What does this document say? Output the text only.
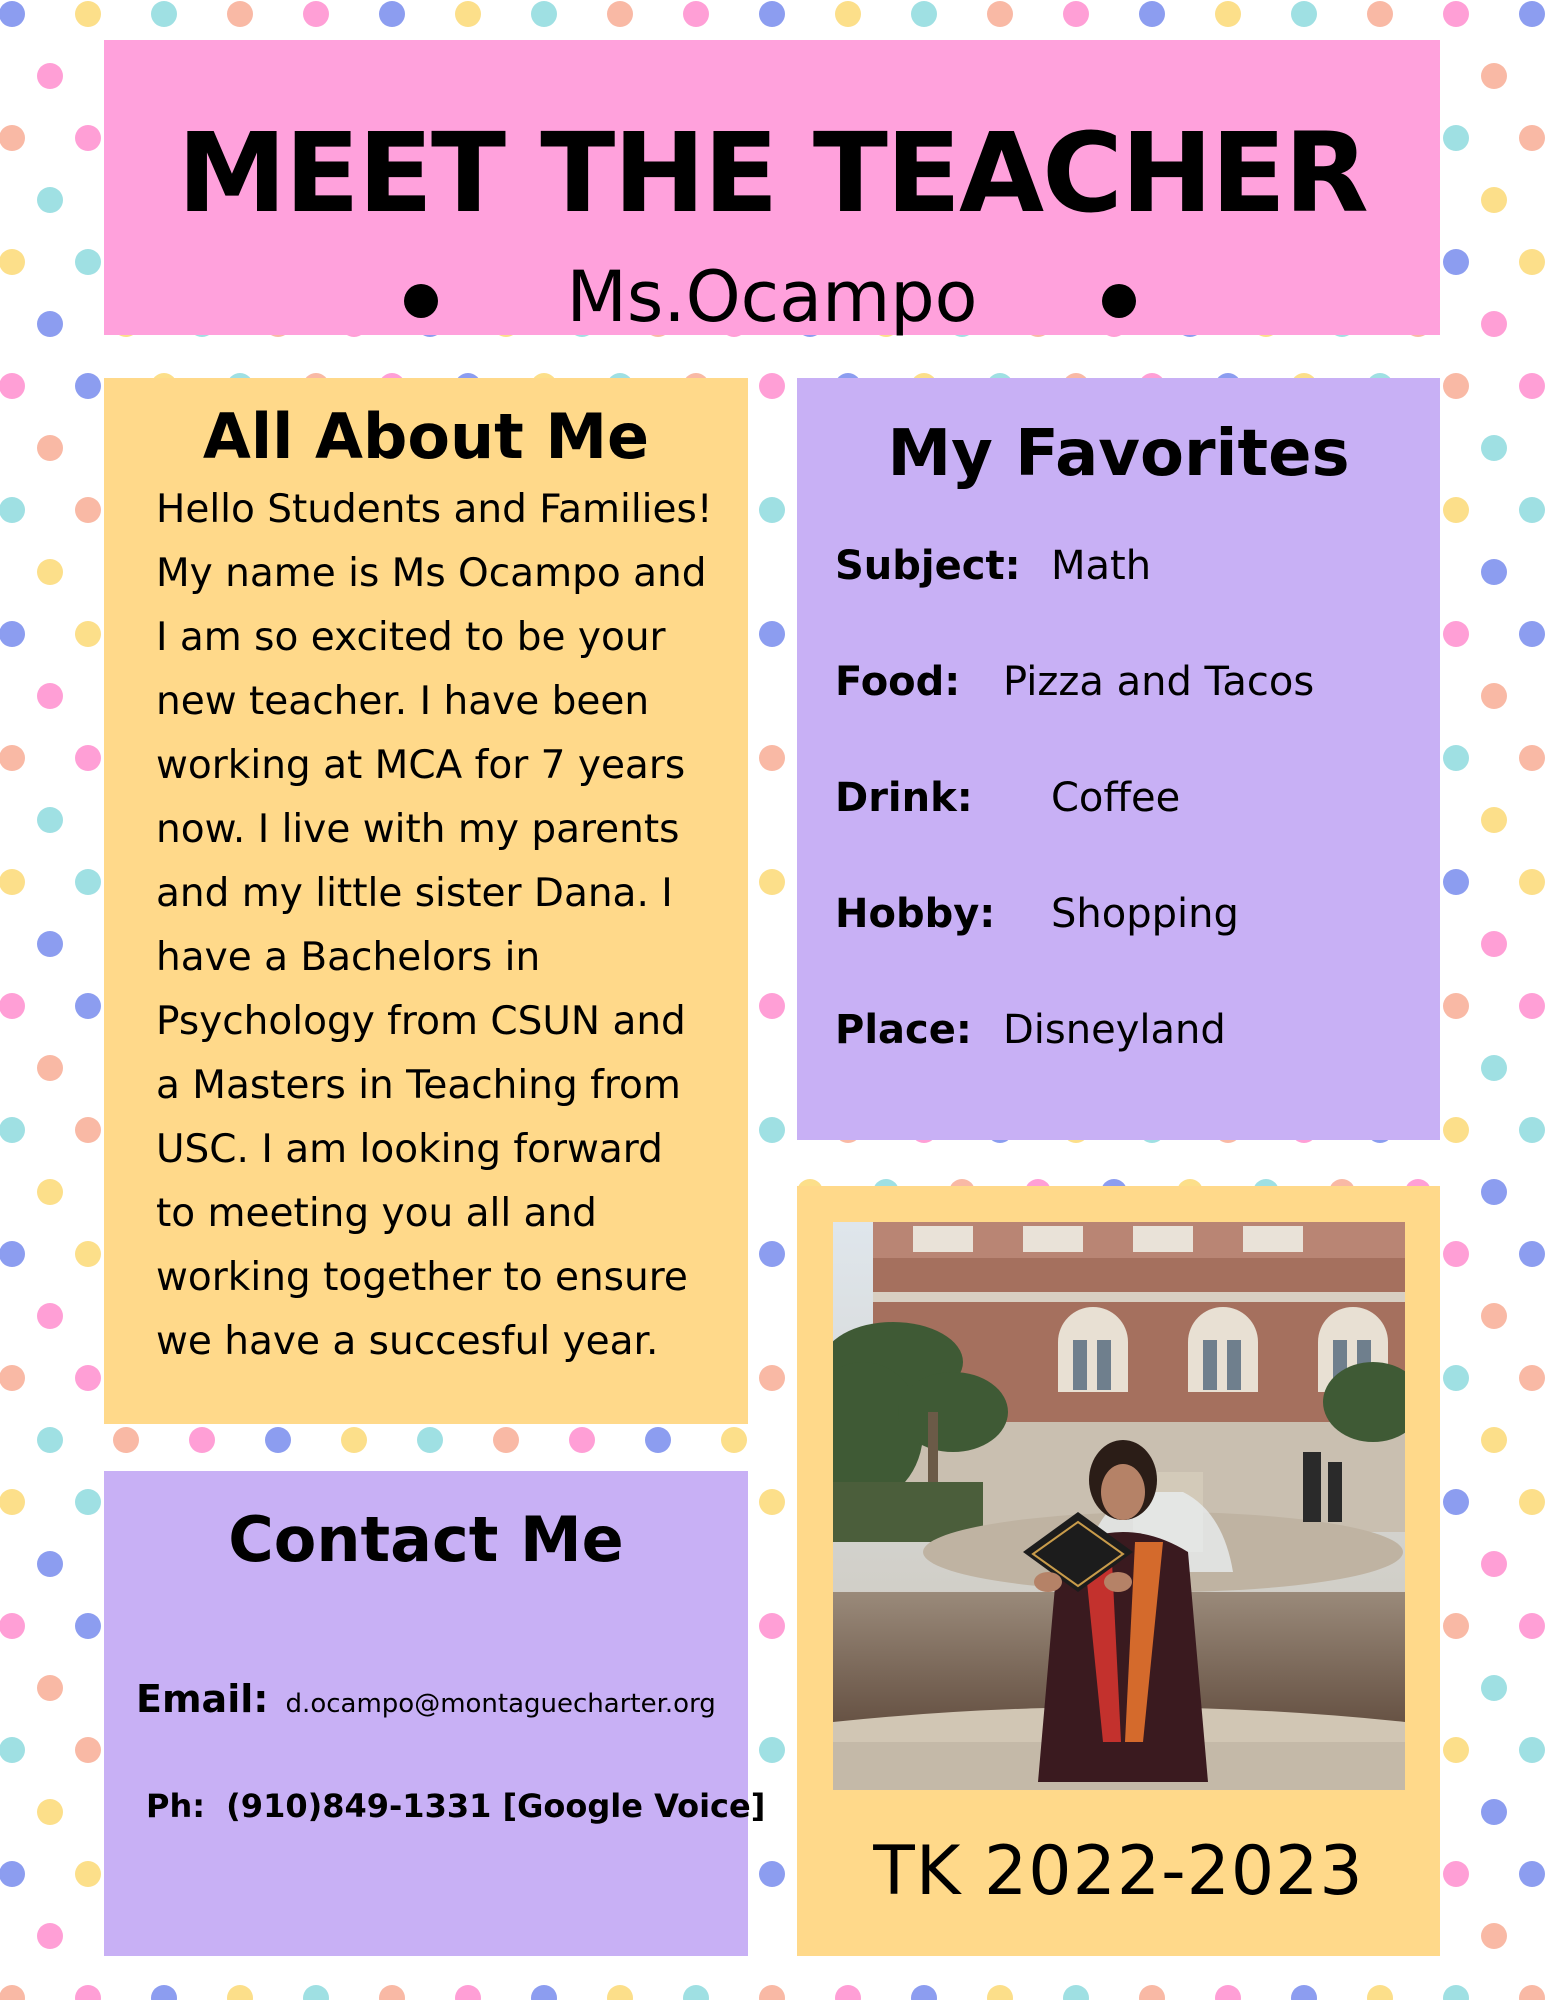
MEET THE TEACHER
Ms.Ocampo
All About Me
Hello Students and Families!
My name is Ms Ocampo and
I am so excited to be your
new teacher. I have been
working at MCA for 7 years
now. I live with my parents
and my little sister Dana. I
have a Bachelors in
Psychology from CSUN and
a Masters in Teaching from
USC. I am looking forward
to meeting you all and
working together to ensure
we have a succesful year.
My Favorites
Subject: Math
Food: Pizza and Tacos
Drink: Coffee
Hobby: Shopping
Place: Disneyland
TK 2022-2023
Contact Me
Email: d.ocampo@montaguecharter.org
Ph: (910)849-1331 [Google Voice]
